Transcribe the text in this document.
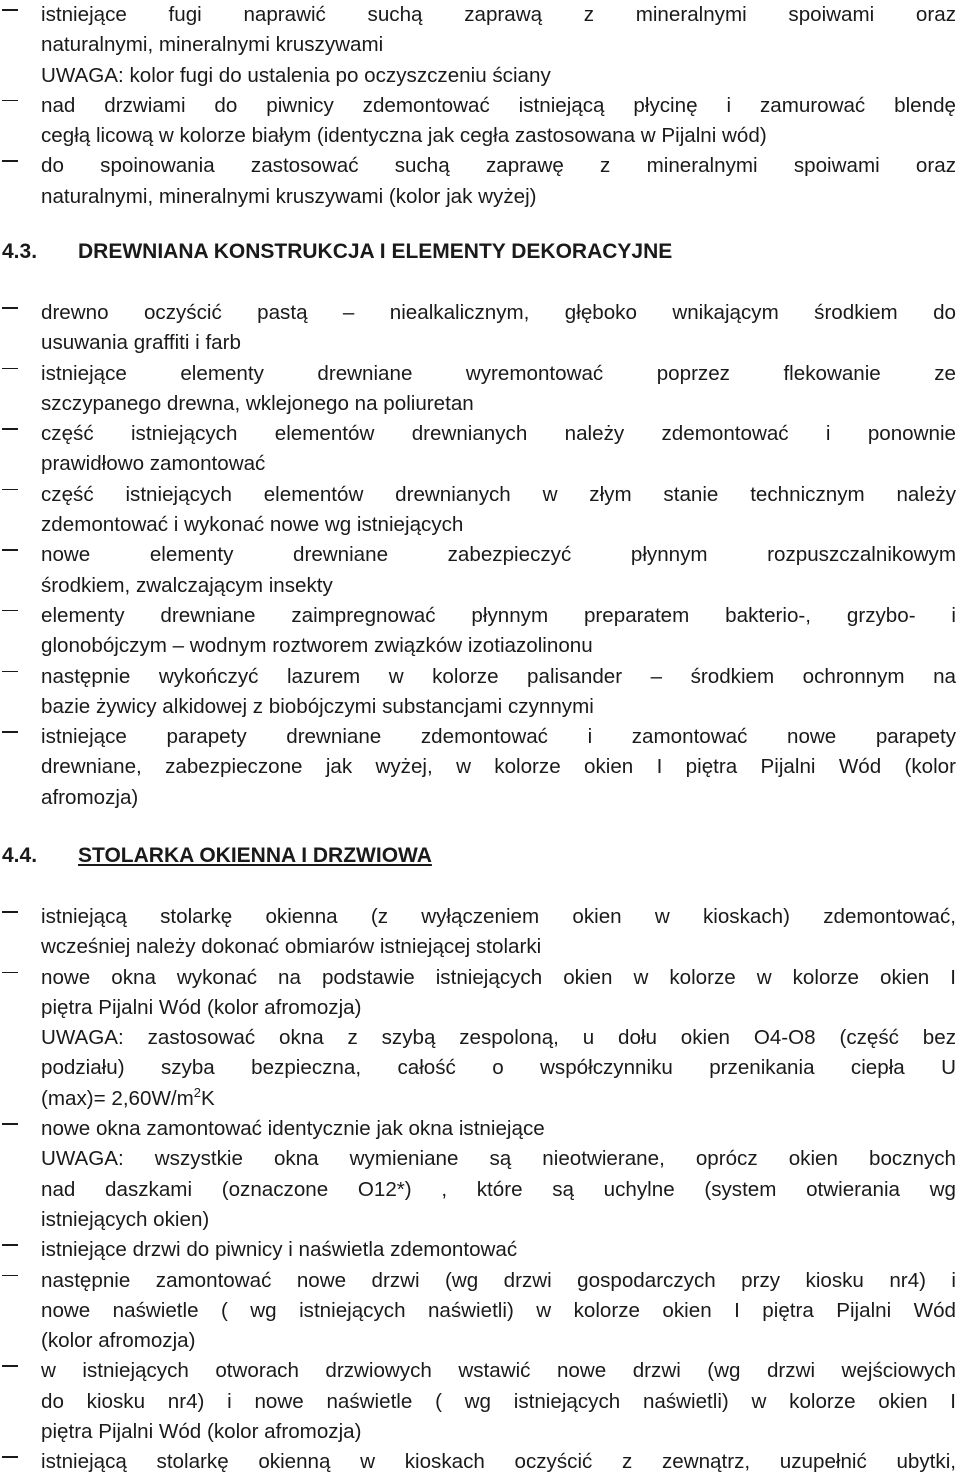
istniejące fugi naprawić suchą zaprawą z mineralnymi spoiwami oraz
naturalnymi, mineralnymi kruszywami
UWAGA: kolor fugi do ustalenia po oczyszczeniu ściany
nad drzwiami do piwnicy zdemontować istniejącą płycinę i zamurować blendę
cegłą licową w kolorze białym (identyczna jak cegła zastosowana w Pijalni wód)
do spoinowania zastosować suchą zaprawę z mineralnymi spoiwami oraz
naturalnymi, mineralnymi kruszywami (kolor jak wyżej)
4.3. DREWNIANA KONSTRUKCJA I ELEMENTY DEKORACYJNE
drewno oczyścić pastą – niealkalicznym, głęboko wnikającym środkiem do
usuwania graffiti i farb
istniejące elementy drewniane wyremontować poprzez flekowanie ze
szczypanego drewna, wklejonego na poliuretan
część istniejących elementów drewnianych należy zdemontować i ponownie
prawidłowo zamontować
część istniejących elementów drewnianych w złym stanie technicznym należy
zdemontować i wykonać nowe wg istniejących
nowe elementy drewniane zabezpieczyć płynnym rozpuszczalnikowym
środkiem, zwalczającym insekty
elementy drewniane zaimpregnować płynnym preparatem bakterio-, grzybo- i
glonobójczym – wodnym roztworem związków izotiazolinonu
następnie wykończyć lazurem w kolorze palisander – środkiem ochronnym na
bazie żywicy alkidowej z biobójczymi substancjami czynnymi
istniejące parapety drewniane zdemontować i zamontować nowe parapety
drewniane, zabezpieczone jak wyżej, w kolorze okien I piętra Pijalni Wód (kolor
afromozja)
4.4. STOLARKA OKIENNA I DRZWIOWA
istniejącą stolarkę okienna (z wyłączeniem okien w kioskach) zdemontować,
wcześniej należy dokonać obmiarów istniejącej stolarki
nowe okna wykonać na podstawie istniejących okien w kolorze w kolorze okien I
piętra Pijalni Wód (kolor afromozja)
UWAGA: zastosować okna z szybą zespoloną, u dołu okien O4-O8 (część bez
podziału) szyba bezpieczna, całość o współczynniku przenikania ciepła U
$(\max)= 2,60W/m^2K$
nowe okna zamontować identycznie jak okna istniejące
UWAGA: wszystkie okna wymieniane są nieotwierane, oprócz okien bocznych
nad daszkami (oznaczone O12*) , które są uchylne (system otwierania wg
istniejących okien)
istniejące drzwi do piwnicy i naświetla zdemontować
następnie zamontować nowe drzwi (wg drzwi gospodarczych przy kiosku nr4) i
nowe naświetle ( wg istniejących naświetli) w kolorze okien I piętra Pijalni Wód
(kolor afromozja)
w istniejących otworach drzwiowych wstawić nowe drzwi (wg drzwi wejściowych
do kiosku nr4) i nowe naświetle ( wg istniejących naświetli) w kolorze okien I
piętra Pijalni Wód (kolor afromozja)
istniejącą stolarkę okienną w kioskach oczyścić z zewnątrz, uzupełnić ubytki,
